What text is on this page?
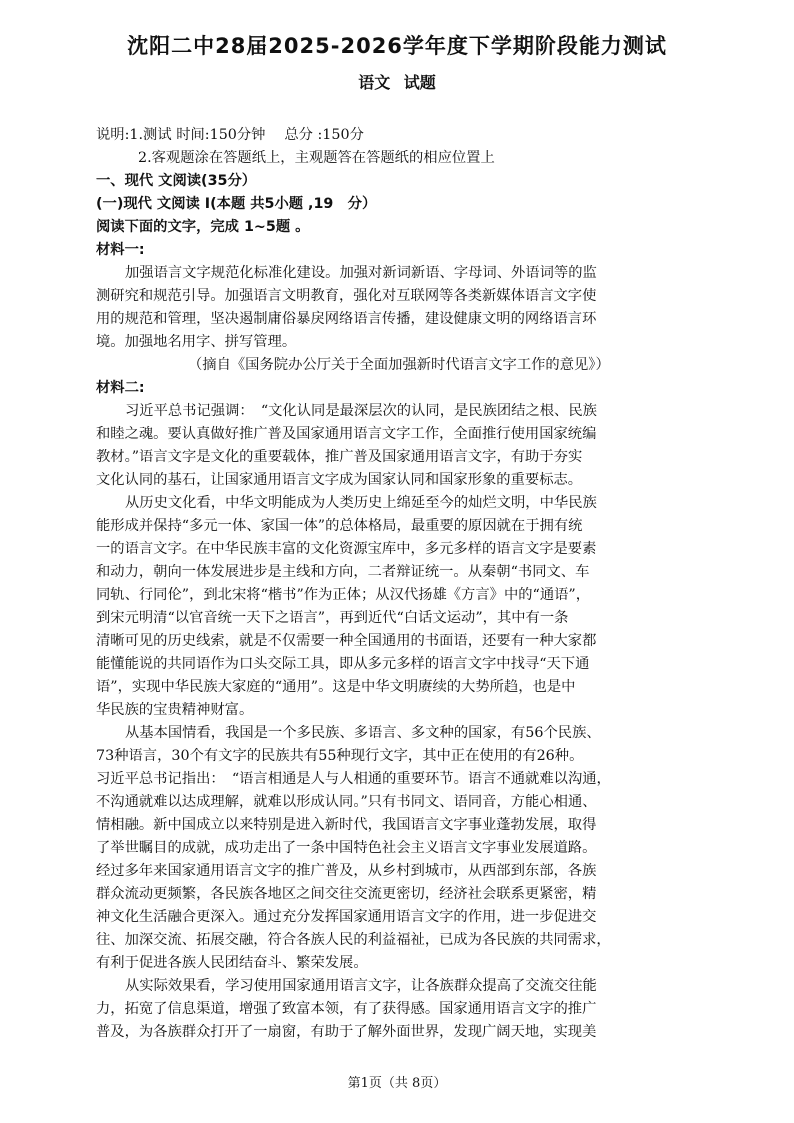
沈阳二中28届2025-2026学年度下学期阶段能力测试
语文 试题
说明:1.测试 时间:150分钟　 总分 :150分
2.客观题涂在答题纸上，主观题答在答题纸的相应位置上
一、现代 文阅读(35分）
(一)现代 文阅读 Ⅰ(本题 共5小题 ,19　分）
阅读下面的文字，完成 1~5题 。
材料一:
加强语言文字规范化标准化建设。加强对新词新语、字母词、外语词等的监
测研究和规范引导。加强语言文明教育，强化对互联网等各类新媒体语言文字使
用的规范和管理，坚决遏制庸俗暴戾网络语言传播，建设健康文明的网络语言环
境。加强地名用字、拼写管理。
（摘自《国务院办公厅关于全面加强新时代语言文字工作的意见》）
材料二:
习近平总书记强调：　“文化认同是最深层次的认同，是民族团结之根、民族
和睦之魂。要认真做好推广普及国家通用语言文字工作，全面推行使用国家统编
教材。”语言文字是文化的重要载体，推广普及国家通用语言文字，有助于夯实
文化认同的基石，让国家通用语言文字成为国家认同和国家形象的重要标志。
从历史文化看，中华文明能成为人类历史上绵延至今的灿烂文明，中华民族
能形成并保持“多元一体、家国一体”的总体格局，最重要的原因就在于拥有统
一的语言文字。在中华民族丰富的文化资源宝库中，多元多样的语言文字是要素
和动力，朝向一体发展进步是主线和方向，二者辩证统一。从秦朝“书同文、车
同轨、行同伦”，到北宋将“楷书”作为正体；从汉代扬雄《方言》中的“通语”，
到宋元明清“以官音统一天下之语言”，再到近代“白话文运动”，其中有一条
清晰可见的历史线索，就是不仅需要一种全国通用的书面语，还要有一种大家都
能懂能说的共同语作为口头交际工具，即从多元多样的语言文字中找寻“天下通
语”，实现中华民族大家庭的“通用”。这是中华文明赓续的大势所趋，也是中
华民族的宝贵精神财富。
从基本国情看，我国是一个多民族、多语言、多文种的国家，有56个民族、
73种语言，30个有文字的民族共有55种现行文字，其中正在使用的有26种。
习近平总书记指出：　“语言相通是人与人相通的重要环节。语言不通就难以沟通，
不沟通就难以达成理解，就难以形成认同。”只有书同文、语同音，方能心相通、
情相融。新中国成立以来特别是进入新时代，我国语言文字事业蓬勃发展，取得
了举世瞩目的成就，成功走出了一条中国特色社会主义语言文字事业发展道路。
经过多年来国家通用语言文字的推广普及，从乡村到城市，从西部到东部，各族
群众流动更频繁，各民族各地区之间交往交流更密切，经济社会联系更紧密，精
神文化生活融合更深入。通过充分发挥国家通用语言文字的作用，进一步促进交
往、加深交流、拓展交融，符合各族人民的利益福祉，已成为各民族的共同需求，
有利于促进各族人民团结奋斗、繁荣发展。
从实际效果看，学习使用国家通用语言文字，让各族群众提高了交流交往能
力，拓宽了信息渠道，增强了致富本领，有了获得感。国家通用语言文字的推广
普及，为各族群众打开了一扇窗，有助于了解外面世界，发现广阔天地，实现美
第1页（共 8页）
